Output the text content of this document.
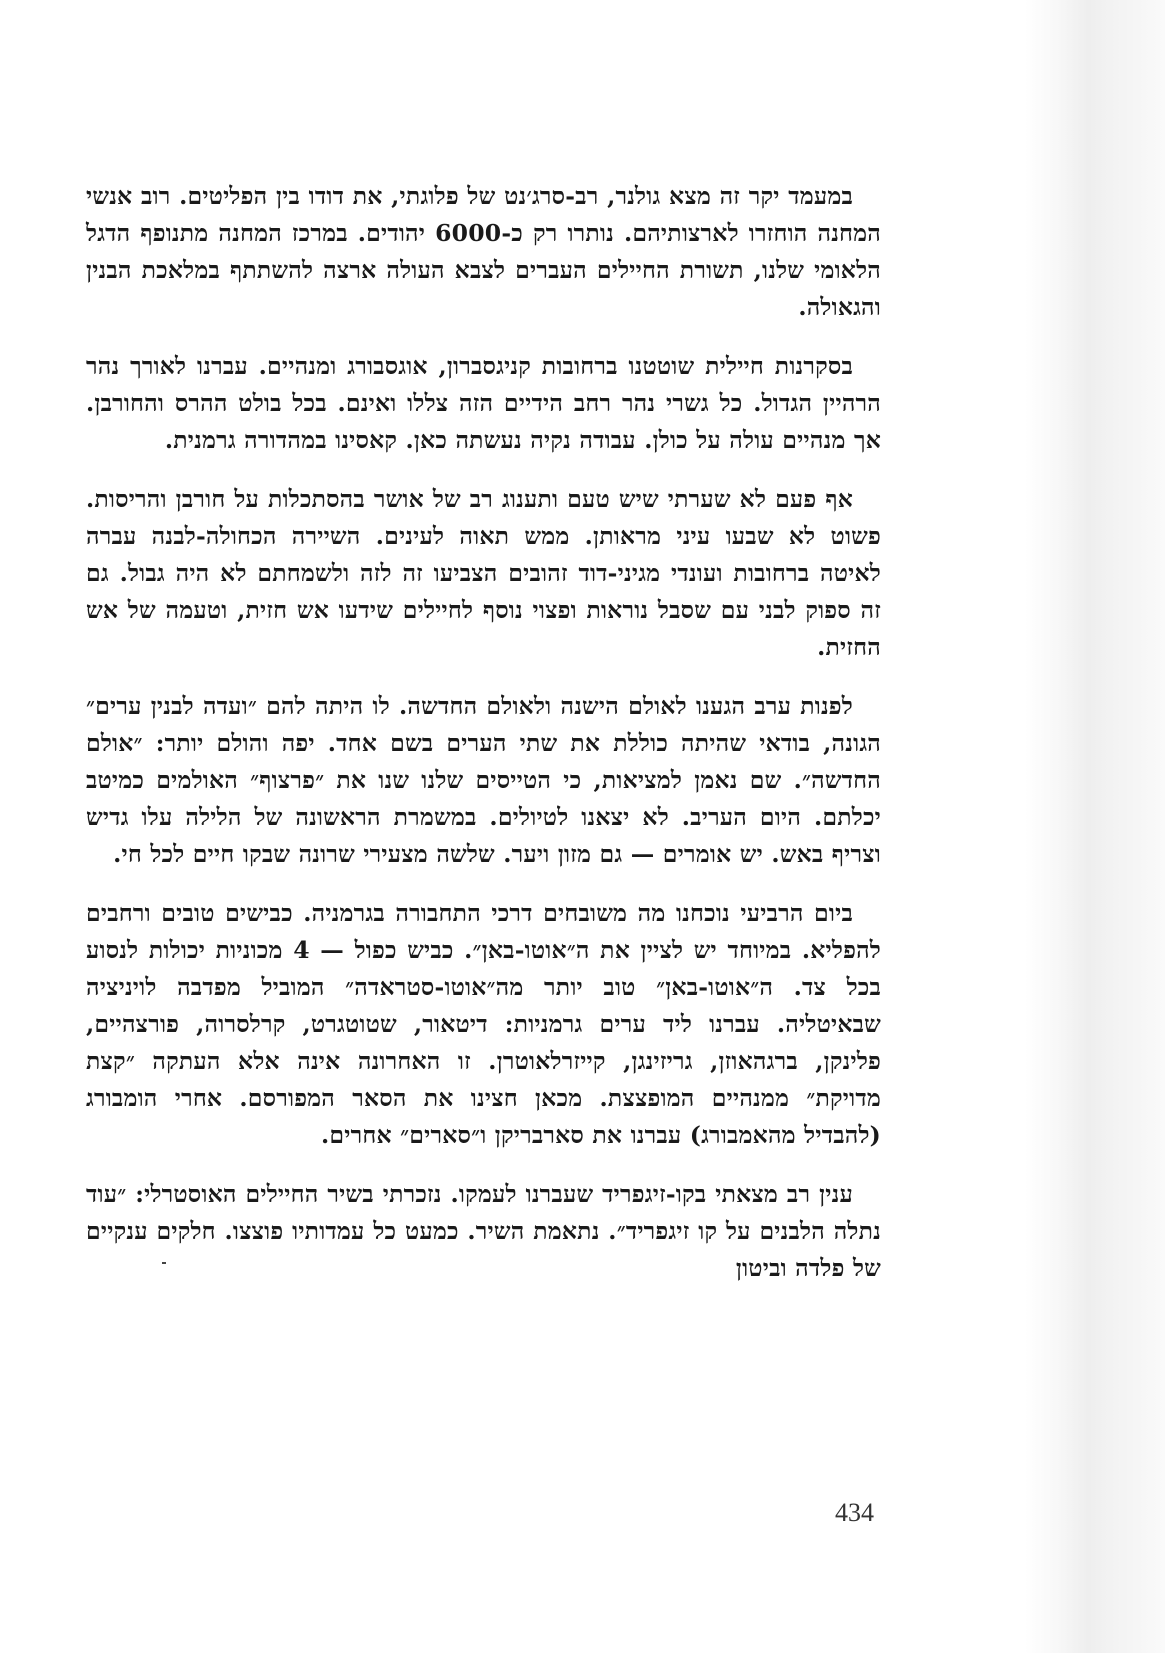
במעמד יקר זה מצא גולנר, רב-סרג׳נט של פלוגתי, את דודו בין הפליטים. רוב אנשי המחנה הוחזרו לארצותיהם. נותרו רק כ-6000 יהודים. במרכז המחנה מתנופף הדגל הלאומי שלנו, תשורת החיילים העברים לצבא העולה ארצה להשתתף במלאכת הבנין והגאולה.

בסקרנות חיילית שוטטנו ברחובות קניגסברון, אוגסבורג ומנהיים. עברנו לאורך נהר הרהיין הגדול. כל גשרי נהר רחב הידיים הזה צללו ואינם. בכל בולט ההרס והחורבן. אך מנהיים עולה על כולן. עבודה נקיה נעשתה כאן. קאסינו במהדורה גרמנית.

אף פעם לא שערתי שיש טעם ותענוג רב של אושר בהסתכלות על חורבן והריסות. פשוט לא שבעו עיני מראותן. ממש תאוה לעינים. השיירה הכחולה-לבנה עברה לאיטה ברחובות ועונדי מגיני-דוד זהובים הצביעו זה לזה ולשמחתם לא היה גבול. גם זה ספוק לבני עם שסבל נוראות ופצוי נוסף לחיילים שידעו אש חזית, וטעמה של אש החזית.

לפנות ערב הגענו לאולם הישנה ולאולם החדשה. לו היתה להם ״ועדה לבנין ערים״ הגונה, בודאי שהיתה כוללת את שתי הערים בשם אחד. יפה והולם יותר: ״אולם החדשה״. שם נאמן למציאות, כי הטייסים שלנו שנו את ״פרצוף״ האולמים כמיטב יכלתם. היום העריב. לא יצאנו לטיולים. במשמרת הראשונה של הלילה עלו גדיש וצריף באש. יש אומרים — גם מזון ויער. שלשה מצעירי שרונה שבקו חיים לכל חי.

ביום הרביעי נוכחנו מה משובחים דרכי התחבורה בגרמניה. כבישים טובים ורחבים להפליא. במיוחד יש לציין את ה״אוטו-באן״. כביש כפול — 4 מכוניות יכולות לנסוע בכל צד. ה״אוטו-באן״ טוב יותר מה״אוטו-סטראדה״ המוביל מפדבה לויניציה שבאיטליה. עברנו ליד ערים גרמניות: דיטאור, שטוטגרט, קרלסרוה, פורצהיים, פלינקן, ברגהאוזן, גריזינגן, קייזרלאוטרן. זו האחרונה אינה אלא העתקה ״קצת מדויקת״ ממנהיים המופצצת. מכאן חצינו את הסאר המפורסם. אחרי הומבורג (להבדיל מהאמבורג) עברנו את סארבריקן ו״סארים״ אחרים.

ענין רב מצאתי בקו-זיגפריד שעברנו לעמקו. נזכרתי בשיר החיילים האוסטרלי: ״עוד נתלה הלבנים על קו זיגפריד״. נתאמת השיר. כמעט כל עמדותיו פוצצו. חלקים ענקיים של פלדה וביטון

434
